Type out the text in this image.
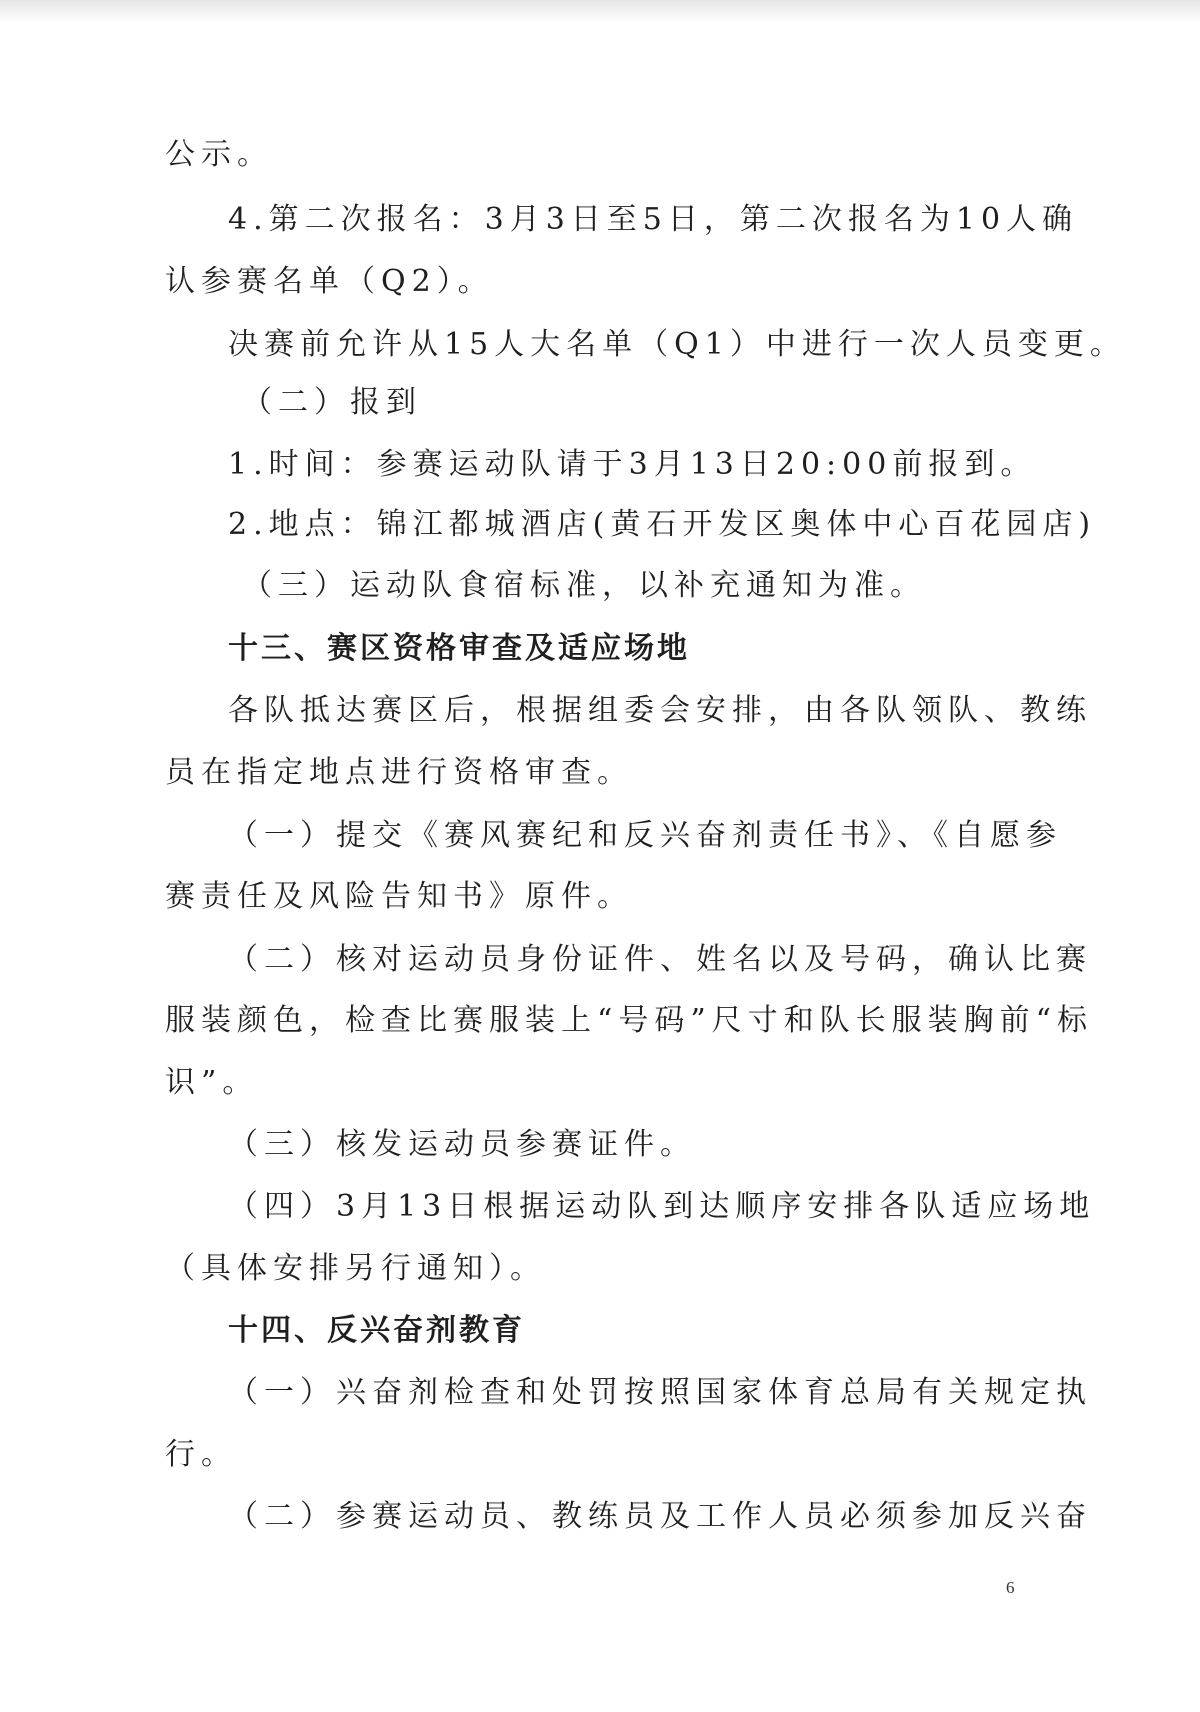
公示。
4.第二次报名：3月3日至5日，第二次报名为10人确
认参赛名单（Q2）。
决赛前允许从15人大名单（Q1）中进行一次人员变更。
（二）报到
1.时间：参赛运动队请于3月13日20:00前报到。
2.地点：锦江都城酒店(黄石开发区奥体中心百花园店)
（三）运动队食宿标准，以补充通知为准。
十三、赛区资格审查及适应场地
各队抵达赛区后，根据组委会安排，由各队领队、教练
员在指定地点进行资格审查。
（一）提交《赛风赛纪和反兴奋剂责任书》、《自愿参
赛责任及风险告知书》原件。
（二）核对运动员身份证件、姓名以及号码，确认比赛
服装颜色，检查比赛服装上“号码”尺寸和队长服装胸前“标
识”。
（三）核发运动员参赛证件。
（四）3月13日根据运动队到达顺序安排各队适应场地
（具体安排另行通知）。
十四、反兴奋剂教育
（一）兴奋剂检查和处罚按照国家体育总局有关规定执
行。
（二）参赛运动员、教练员及工作人员必须参加反兴奋
6
